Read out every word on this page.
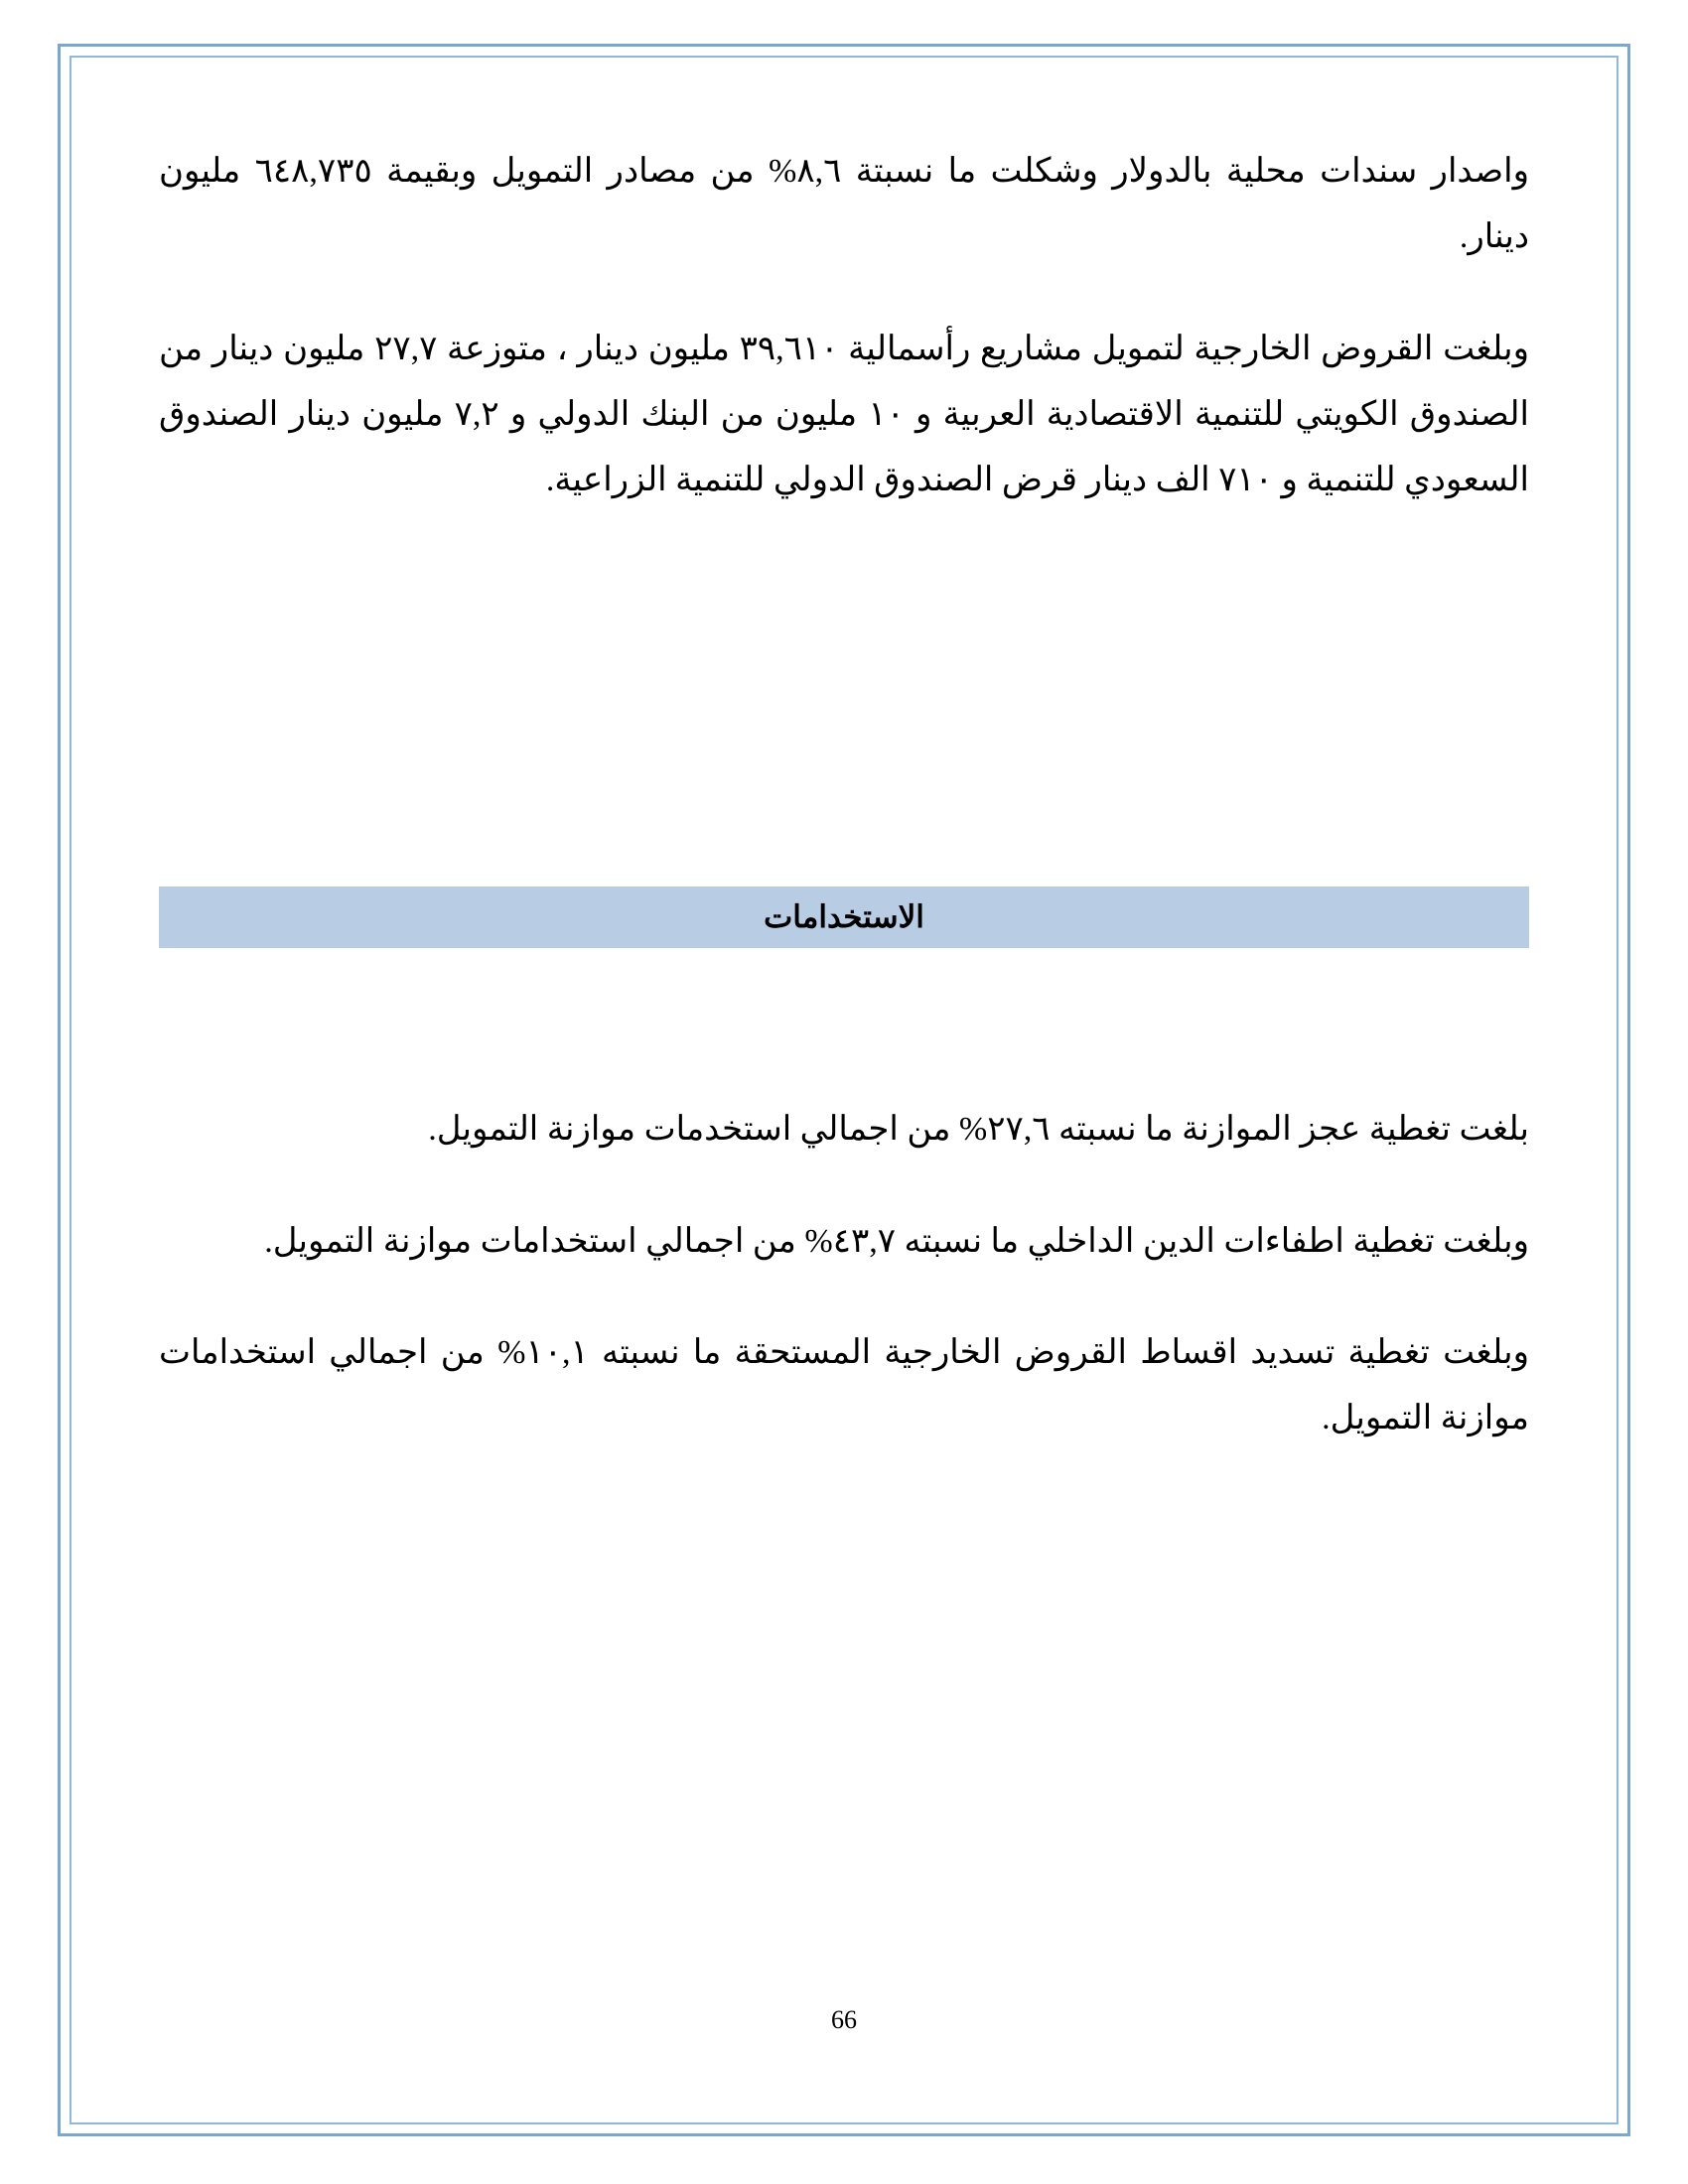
واصدار سندات محلية بالدولار وشكلت ما نسبتة ٨,٦% من مصادر التمويل وبقيمة ٦٤٨,٧٣٥ مليون دينار.

وبلغت القروض الخارجية لتمويل مشاريع رأسمالية ٣٩,٦١٠ مليون دينار ، متوزعة ٢٧,٧ مليون دينار من الصندوق الكويتي للتنمية الاقتصادية العربية و ١٠ مليون من البنك الدولي و ٧,٢ مليون دينار الصندوق السعودي للتنمية و ٧١٠ الف دينار قرض الصندوق الدولي للتنمية الزراعية.

الاستخدامات

بلغت تغطية عجز الموازنة ما نسبته ٢٧,٦% من اجمالي استخدمات موازنة التمويل.

وبلغت تغطية اطفاءات الدين الداخلي ما نسبته ٤٣,٧% من اجمالي استخدامات موازنة التمويل.

وبلغت تغطية تسديد اقساط القروض الخارجية المستحقة ما نسبته ١٠,١% من اجمالي استخدامات موازنة التمويل.

66
